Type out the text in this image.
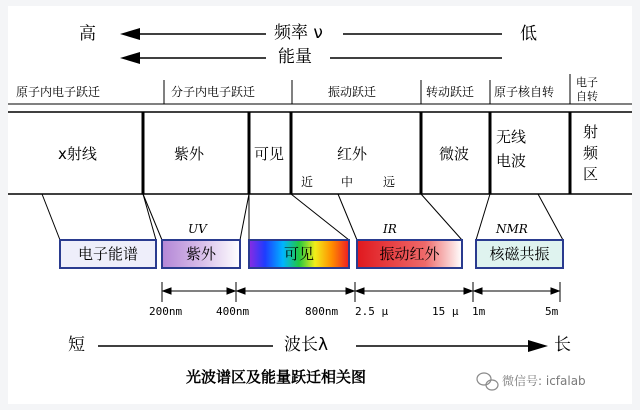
高	低
频率 ν
能量
原子内电子跃迁	分子内电子跃迁	振动跃迁	转动跃迁 原子核自转
电子自转
x射线	紫外	可见	红外
近 中 远
微波
无线
电波
射
频
区
UV	IR	NMR
电子能谱	紫外	可见	振动红外	核磁共振
200nm	400nm	800nm 2.5 μ	15 μ 1m	5m
短	波长λ	长
光波谱区及能量跃迁相关图	微信号: icfalab
